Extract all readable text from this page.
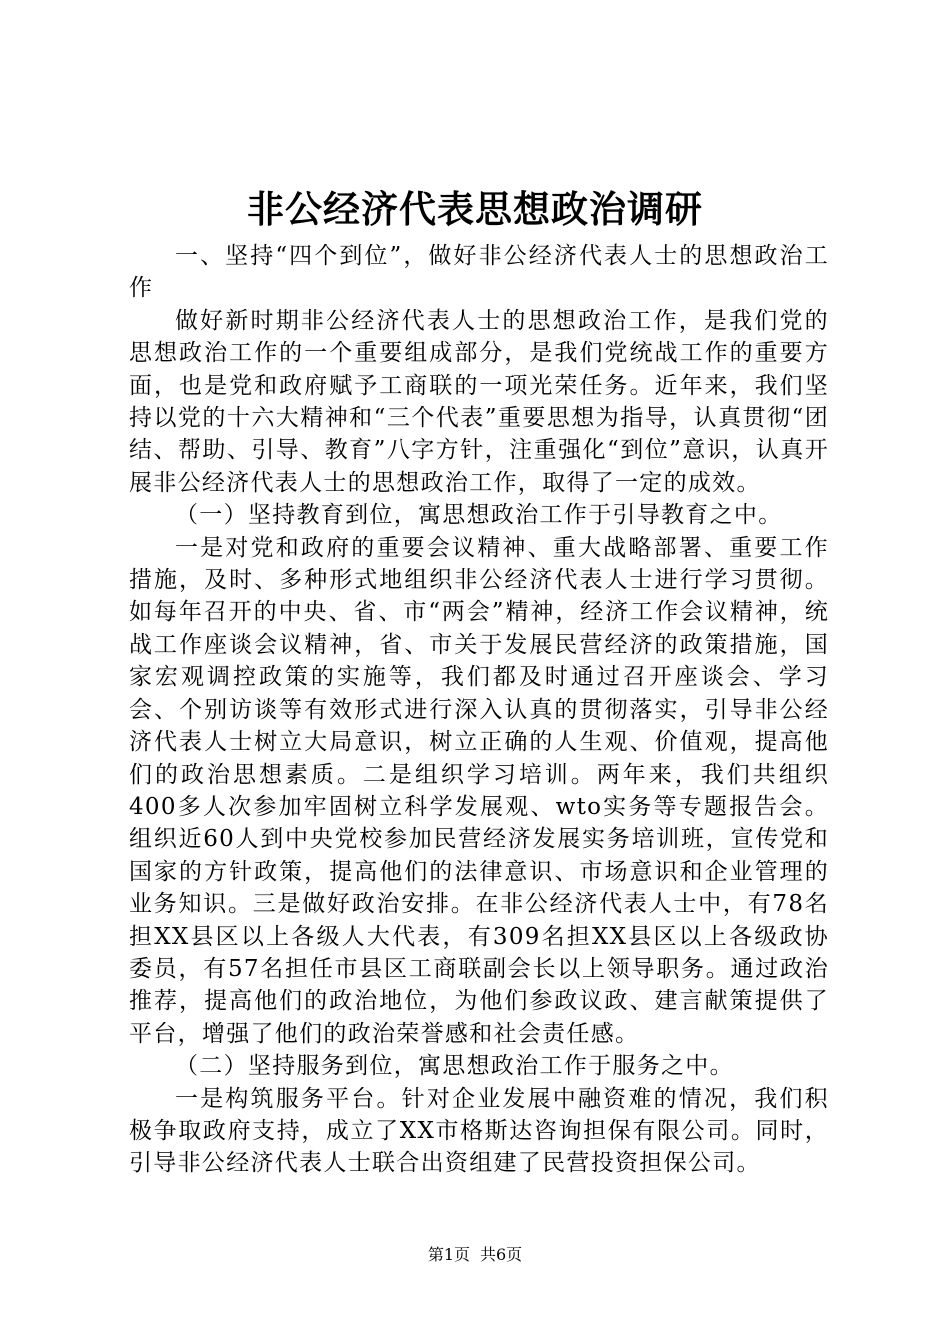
非公经济代表思想政治调研

一、坚持“四个到位”，做好非公经济代表人士的思想政治工作

做好新时期非公经济代表人士的思想政治工作，是我们党的思想政治工作的一个重要组成部分，是我们党统战工作的重要方面，也是党和政府赋予工商联的一项光荣任务。近年来，我们坚持以党的十六大精神和“三个代表”重要思想为指导，认真贯彻“团结、帮助、引导、教育”八字方针，注重强化“到位”意识，认真开展非公经济代表人士的思想政治工作，取得了一定的成效。

（一）坚持教育到位，寓思想政治工作于引导教育之中。

一是对党和政府的重要会议精神、重大战略部署、重要工作措施，及时、多种形式地组织非公经济代表人士进行学习贯彻。如每年召开的中央、省、市“两会”精神，经济工作会议精神，统战工作座谈会议精神，省、市关于发展民营经济的政策措施，国家宏观调控政策的实施等，我们都及时通过召开座谈会、学习会、个别访谈等有效形式进行深入认真的贯彻落实，引导非公经济代表人士树立大局意识，树立正确的人生观、价值观，提高他们的政治思想素质。二是组织学习培训。两年来，我们共组织400多人次参加牢固树立科学发展观、wto实务等专题报告会。组织近60人到中央党校参加民营经济发展实务培训班，宣传党和国家的方针政策，提高他们的法律意识、市场意识和企业管理的业务知识。三是做好政治安排。在非公经济代表人士中，有78名担XX县区以上各级人大代表，有309名担XX县区以上各级政协委员，有57名担任市县区工商联副会长以上领导职务。通过政治推荐，提高他们的政治地位，为他们参政议政、建言献策提供了平台，增强了他们的政治荣誉感和社会责任感。

（二）坚持服务到位，寓思想政治工作于服务之中。

一是构筑服务平台。针对企业发展中融资难的情况，我们积极争取政府支持，成立了XX市格斯达咨询担保有限公司。同时，引导非公经济代表人士联合出资组建了民营投资担保公司。

第1页 共6页
